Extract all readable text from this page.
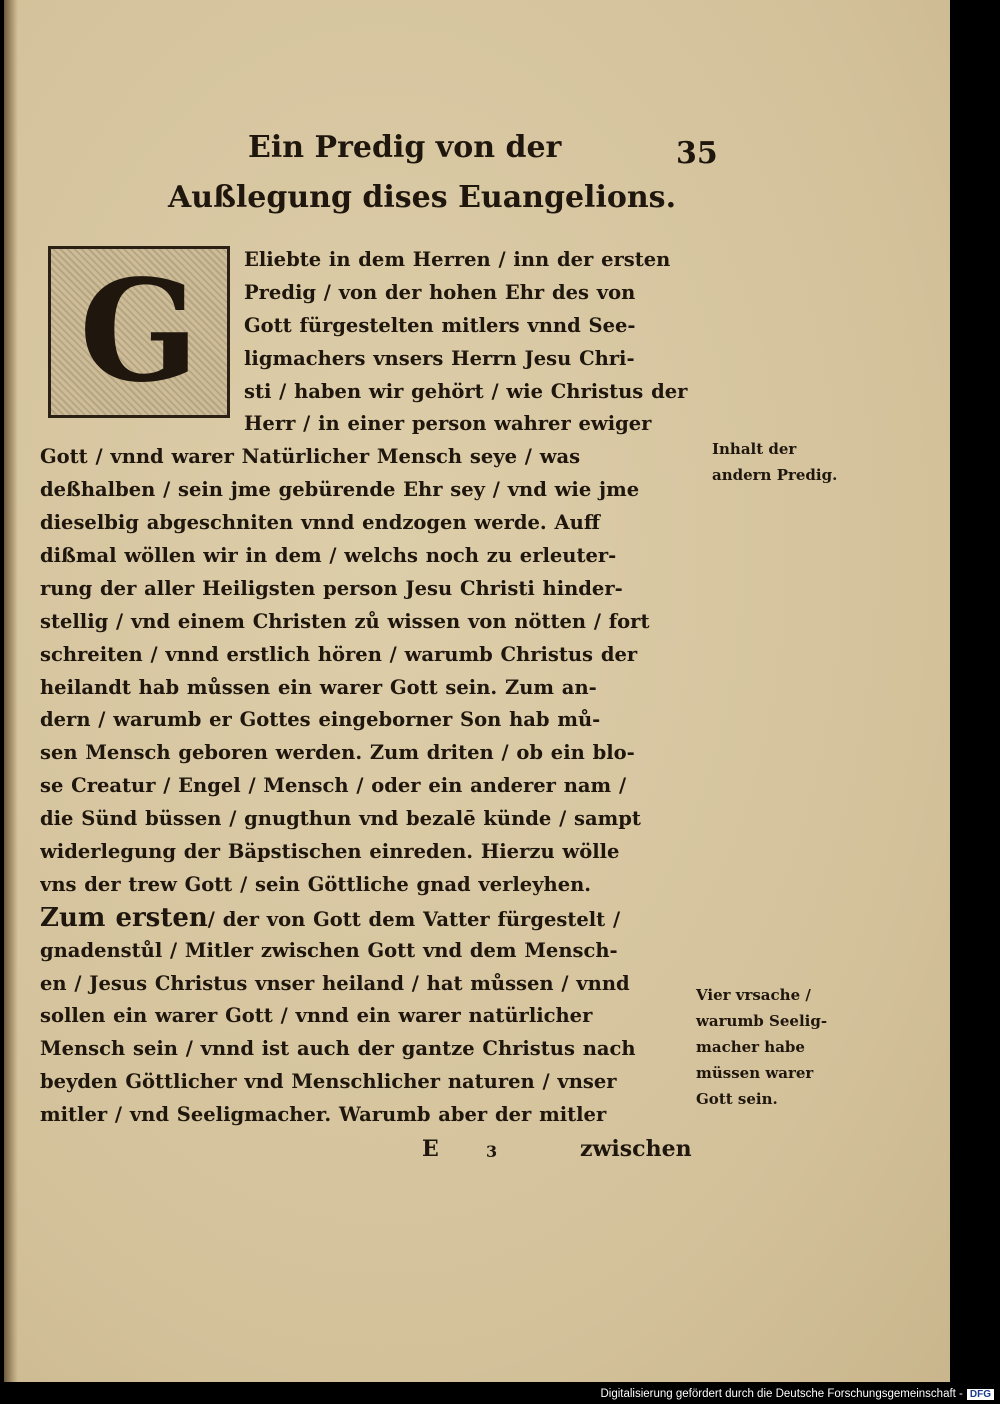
Ein Predig von der
Außlegung dises Euangelions.
35
G	Eliebte in dem Herren / inn der ersten
Predig / von der hohen Ehr des von
Gott fürgestelten mitlers vnnd See-
ligmachers vnsers Herrn Jesu Chri-
sti / haben wir gehört / wie Christus der
Herr / in einer person wahrer ewiger
Gott / vnnd warer Natürlicher Mensch seye / was
deßhalben / sein jme gebürende Ehr sey / vnd wie jme
dieselbig abgeschniten vnnd endzogen werde. Auff
dißmal wöllen wir in dem / welchs noch zu erleuter-
rung der aller Heiligsten person Jesu Christi hinder-
stellig / vnd einem Christen zů wissen von nötten / fort
schreiten / vnnd erstlich hören / warumb Christus der
heilandt hab můssen ein warer Gott sein. Zum an-
dern / warumb er Gottes eingeborner Son hab mů-
sen Mensch geboren werden. Zum driten / ob ein blo-
se Creatur / Engel / Mensch / oder ein anderer nam /
die Sünd büssen / gnugthun vnd bezalē künde / sampt
widerlegung der Bäpstischen einreden. Hierzu wölle
vns der trew Gott / sein Göttliche gnad verleyhen.
Zum ersten/ der von Gott dem Vatter fürgestelt /
gnadenstůl / Mitler zwischen Gott vnd dem Mensch-
en / Jesus Christus vnser heiland / hat můssen / vnnd
sollen ein warer Gott / vnnd ein warer natürlicher
Mensch sein / vnnd ist auch der gantze Christus nach
beyden Göttlicher vnd Menschlicher naturen / vnser
mitler / vnd Seeligmacher. Warumb aber der mitler
Inhalt der
andern Predig.
Vier vrsache /
warumb Seelig-
macher habe
müssen warer
Gott sein.
E	3	zwischen
Digitalisierung gefördert durch die Deutsche Forschungsgemeinschaft - DFG
